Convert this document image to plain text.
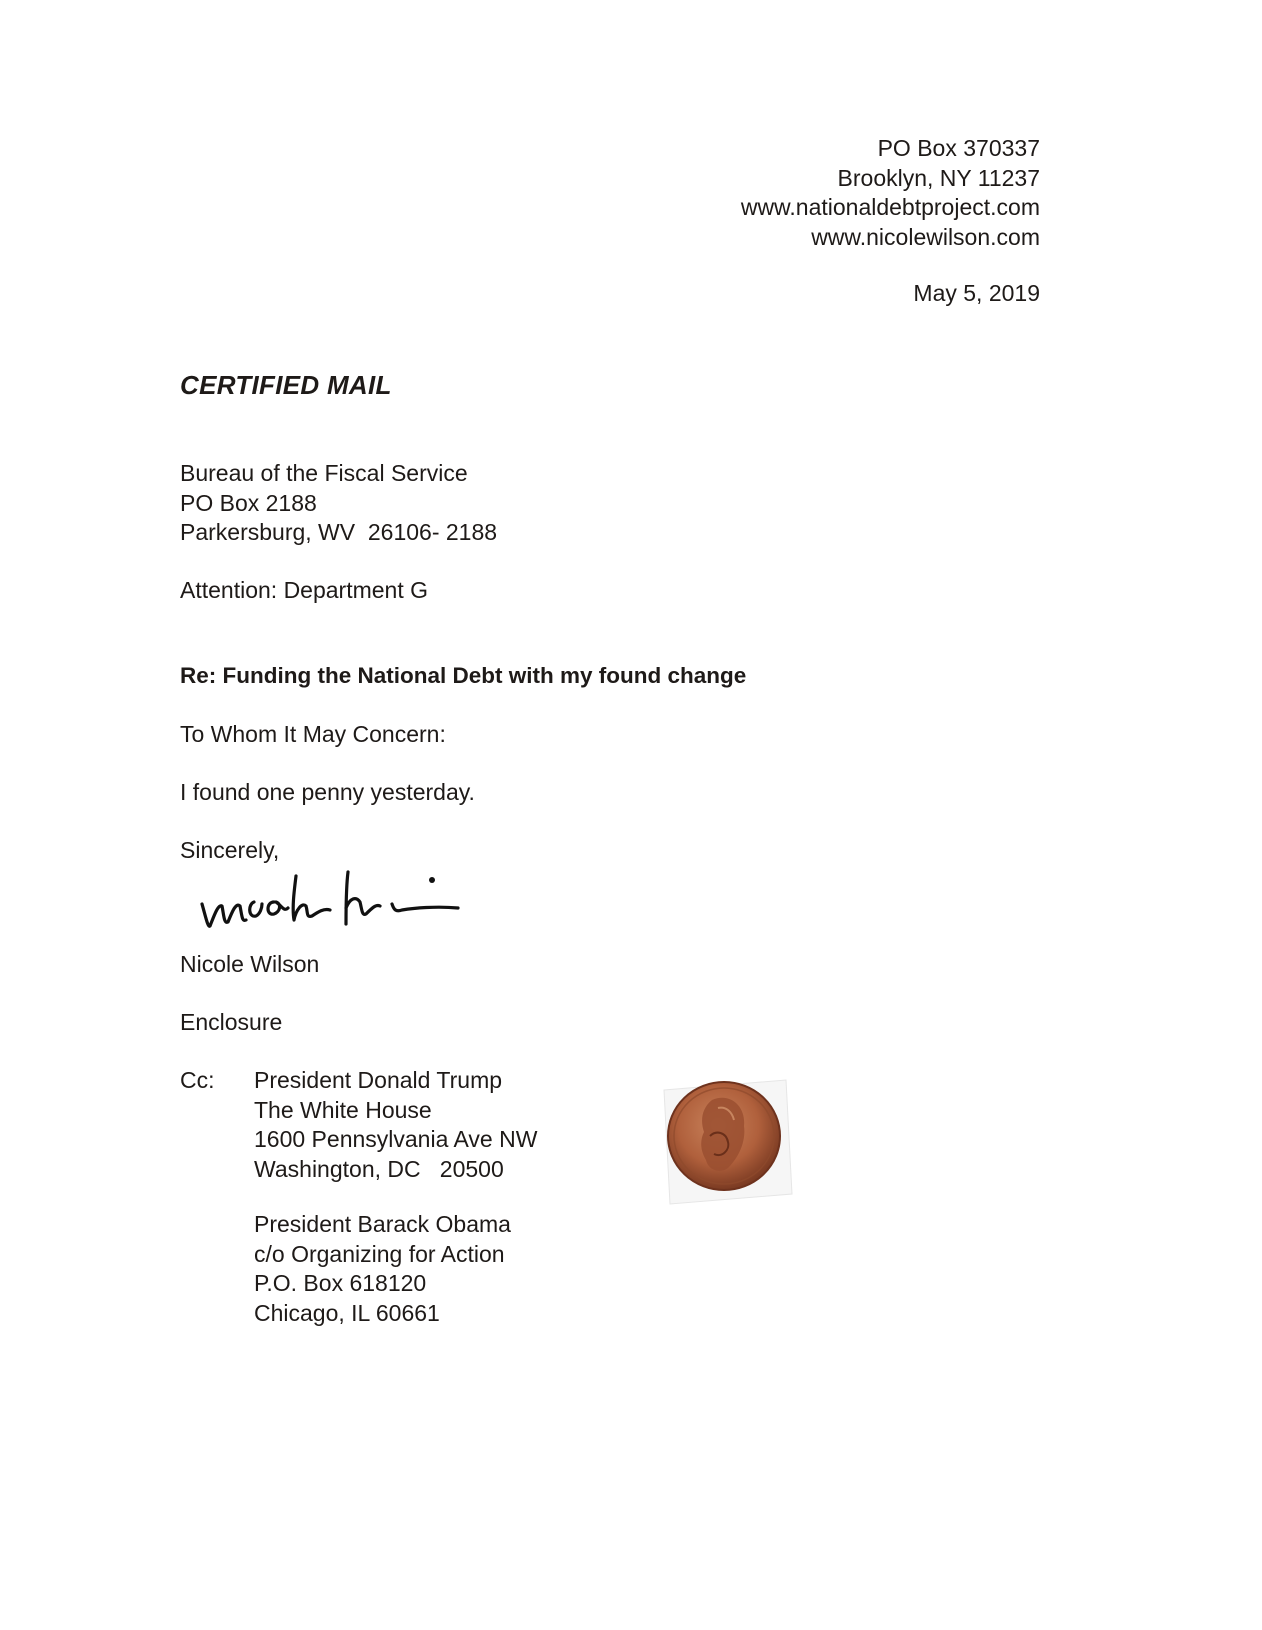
PO Box 370337
Brooklyn, NY 11237
www.nationaldebtproject.com
www.nicolewilson.com
May 5, 2019
CERTIFIED MAIL
Bureau of the Fiscal Service
PO Box 2188
Parkersburg, WV  26106- 2188
Attention: Department G
Re: Funding the National Debt with my found change
To Whom It May Concern:
I found one penny yesterday.
Sincerely,
Nicole Wilson
Enclosure
Cc: President Donald Trump
The White House
1600 Pennsylvania Ave NW
Washington, DC   20500
President Barack Obama
c/o Organizing for Action
P.O. Box 618120
Chicago, IL 60661
